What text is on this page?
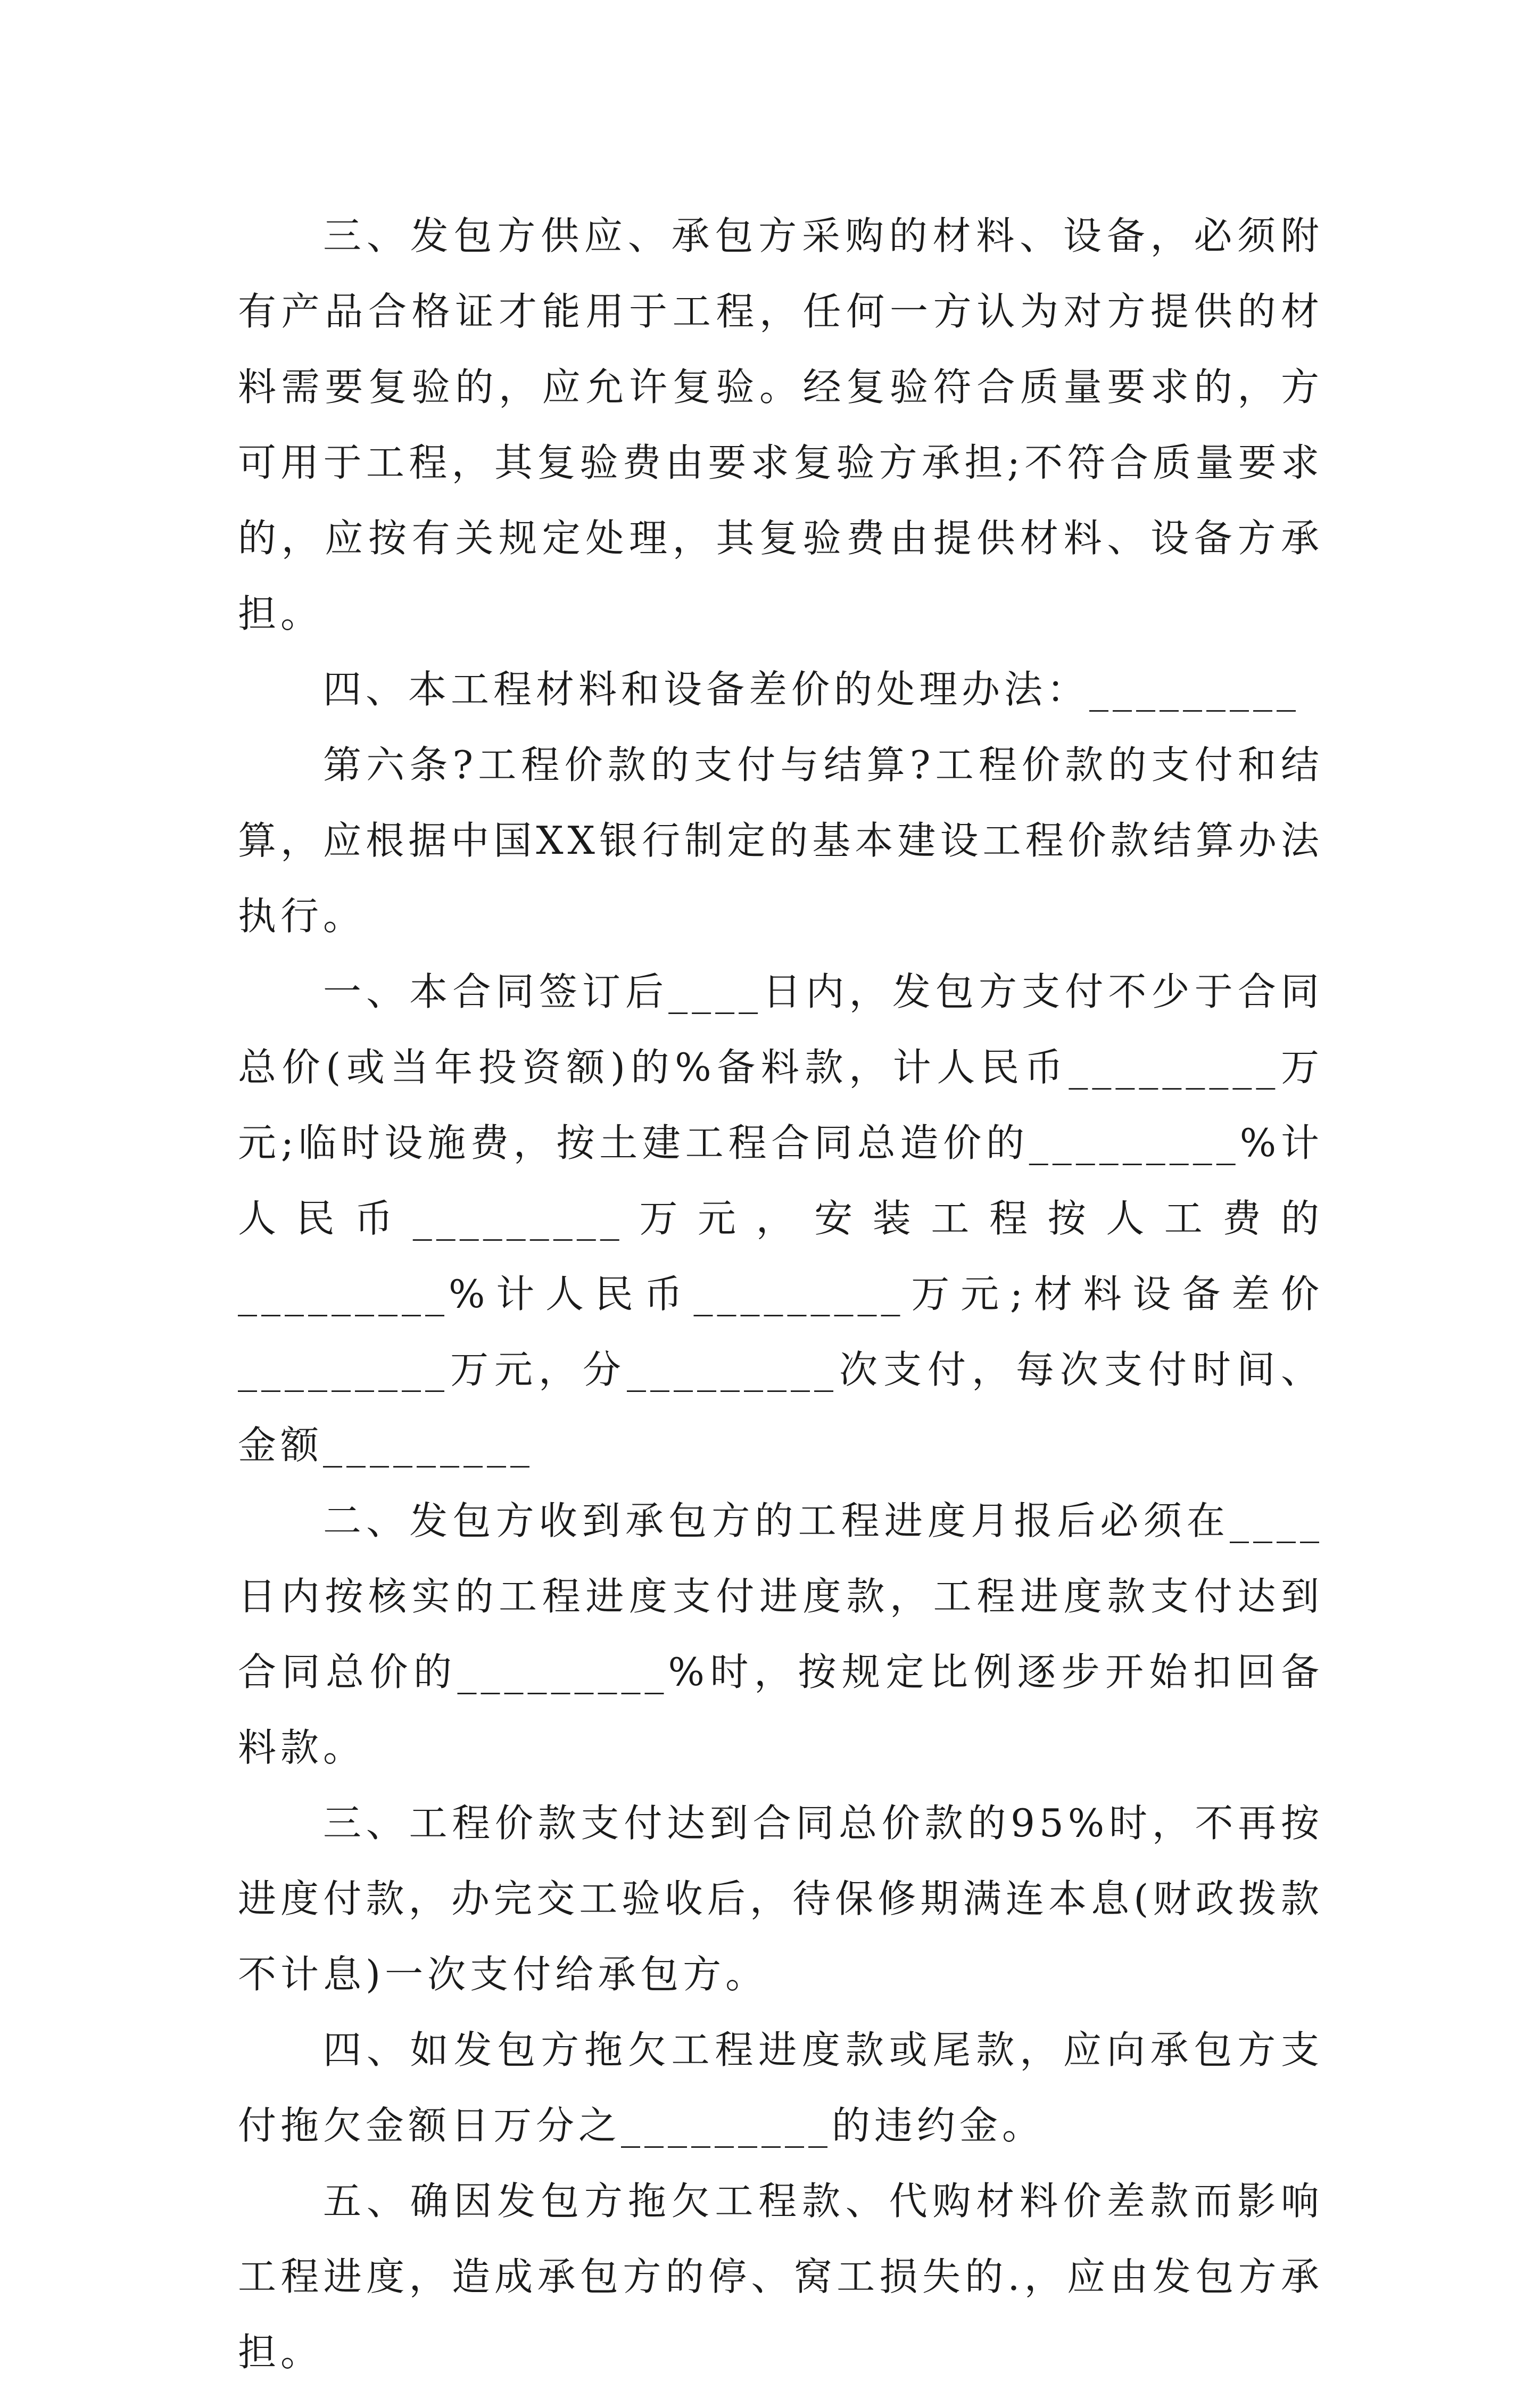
三、发包方供应、承包方采购的材料、设备，必须附有产品合格证才能用于工程，任何一方认为对方提供的材料需要复验的，应允许复验。经复验符合质量要求的，方可用于工程，其复验费由要求复验方承担;不符合质量要求的，应按有关规定处理，其复验费由提供材料、设备方承担。

四、本工程材料和设备差价的处理办法：_________

第六条?工程价款的支付与结算?工程价款的支付和结算，应根据中国XX银行制定的基本建设工程价款结算办法执行。

一、本合同签订后____日内，发包方支付不少于合同总价(或当年投资额)的%备料款，计人民币_________万元;临时设施费，按土建工程合同总造价的_________%计人民币_________万元，安装工程按人工费的_________%计人民币_________万元;材料设备差价_________万元，分_________次支付，每次支付时间、金额_________

二、发包方收到承包方的工程进度月报后必须在____日内按核实的工程进度支付进度款，工程进度款支付达到合同总价的_________%时，按规定比例逐步开始扣回备料款。

三、工程价款支付达到合同总价款的95%时，不再按进度付款，办完交工验收后，待保修期满连本息(财政拨款不计息)一次支付给承包方。

四、如发包方拖欠工程进度款或尾款，应向承包方支付拖欠金额日万分之_________的违约金。

五、确因发包方拖欠工程款、代购材料价差款而影响工程进度，造成承包方的停、窝工损失的.，应由发包方承担。
